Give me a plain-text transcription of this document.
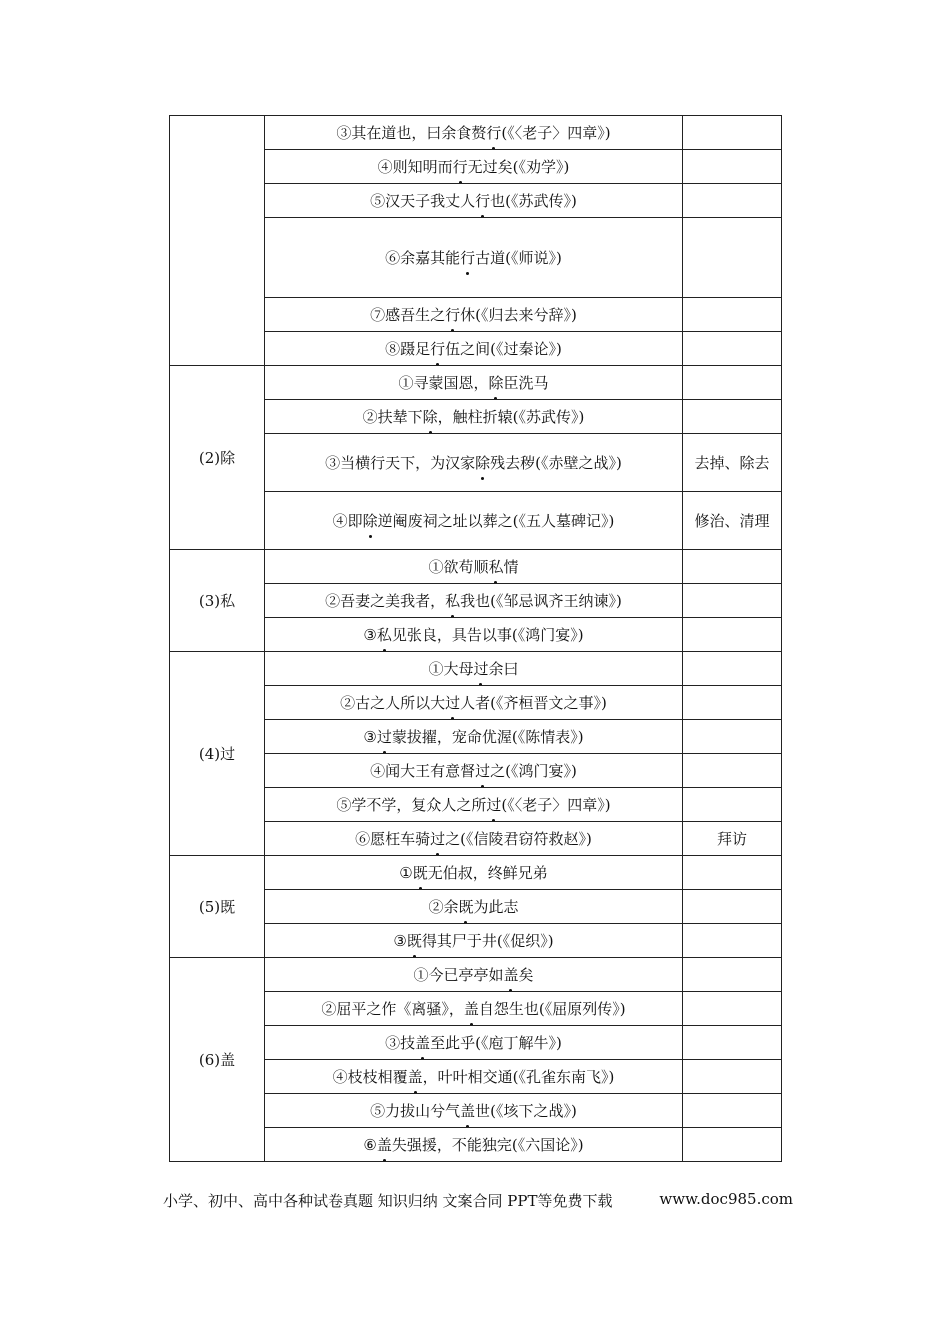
	③其在道也，曰余食赘行(《〈老子〉四章》)	
	④则知明而行无过矣(《劝学》)	
	⑤汉天子我丈人行也(《苏武传》)	
	⑥余嘉其能行古道(《师说》)	
	⑦感吾生之行休(《归去来兮辞》)	
	⑧蹑足行伍之间(《过秦论》)	
(2)除	①寻蒙国恩，除臣洗马	
	②扶辇下除，触柱折辕(《苏武传》)	
	③当横行天下，为汉家除残去秽(《赤壁之战》)	去掉、除去
	④即除逆阉废祠之址以葬之(《五人墓碑记》)	修治、清理
(3)私	①欲苟顺私情	
	②吾妻之美我者，私我也(《邹忌讽齐王纳谏》)	
	③私见张良，具告以事(《鸿门宴》)	
(4)过	①大母过余曰	
	②古之人所以大过人者(《齐桓晋文之事》)	
	③过蒙拔擢，宠命优渥(《陈情表》)	
	④闻大王有意督过之(《鸿门宴》)	
	⑤学不学，复众人之所过(《〈老子〉四章》)	
	⑥愿枉车骑过之(《信陵君窃符救赵》)	拜访
(5)既	①既无伯叔，终鲜兄弟	
	②余既为此志	
	③既得其尸于井(《促织》)	
(6)盖	①今已亭亭如盖矣	
	②屈平之作《离骚》，盖自怨生也(《屈原列传》)	
	③技盖至此乎(《庖丁解牛》)	
	④枝枝相覆盖，叶叶相交通(《孔雀东南飞》)	
	⑤力拔山兮气盖世(《垓下之战》)	
	⑥盖失强援，不能独完(《六国论》)	
小学、初中、高中各种试卷真题 知识归纳 文案合同 PPT等免费下载	www.doc985.com
